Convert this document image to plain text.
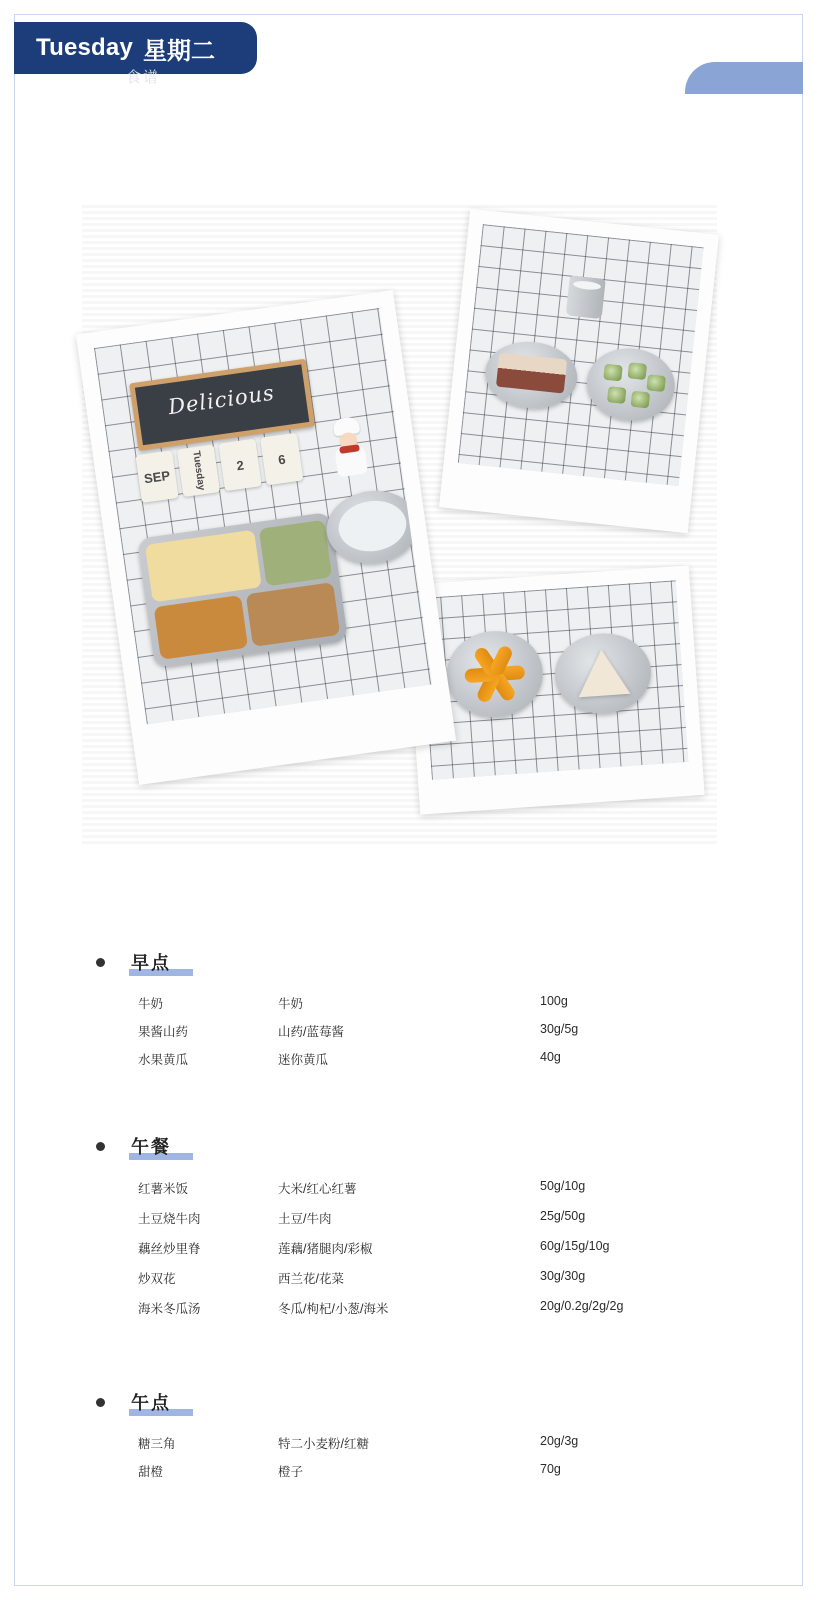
Tuesday 星期二
食谱
Delicious
SEP	Tuesday	2	6
早点
牛奶	牛奶	100g
果酱山药	山药/蓝莓酱	30g/5g
水果黄瓜	迷你黄瓜	40g
午餐
红薯米饭	大米/红心红薯	50g/10g
土豆烧牛肉	土豆/牛肉	25g/50g
藕丝炒里脊	莲藕/猪腿肉/彩椒	60g/15g/10g
炒双花	西兰花/花菜	30g/30g
海米冬瓜汤	冬瓜/枸杞/小葱/海米	20g/0.2g/2g/2g
午点
糖三角	特二小麦粉/红糖	20g/3g
甜橙	橙子	70g
